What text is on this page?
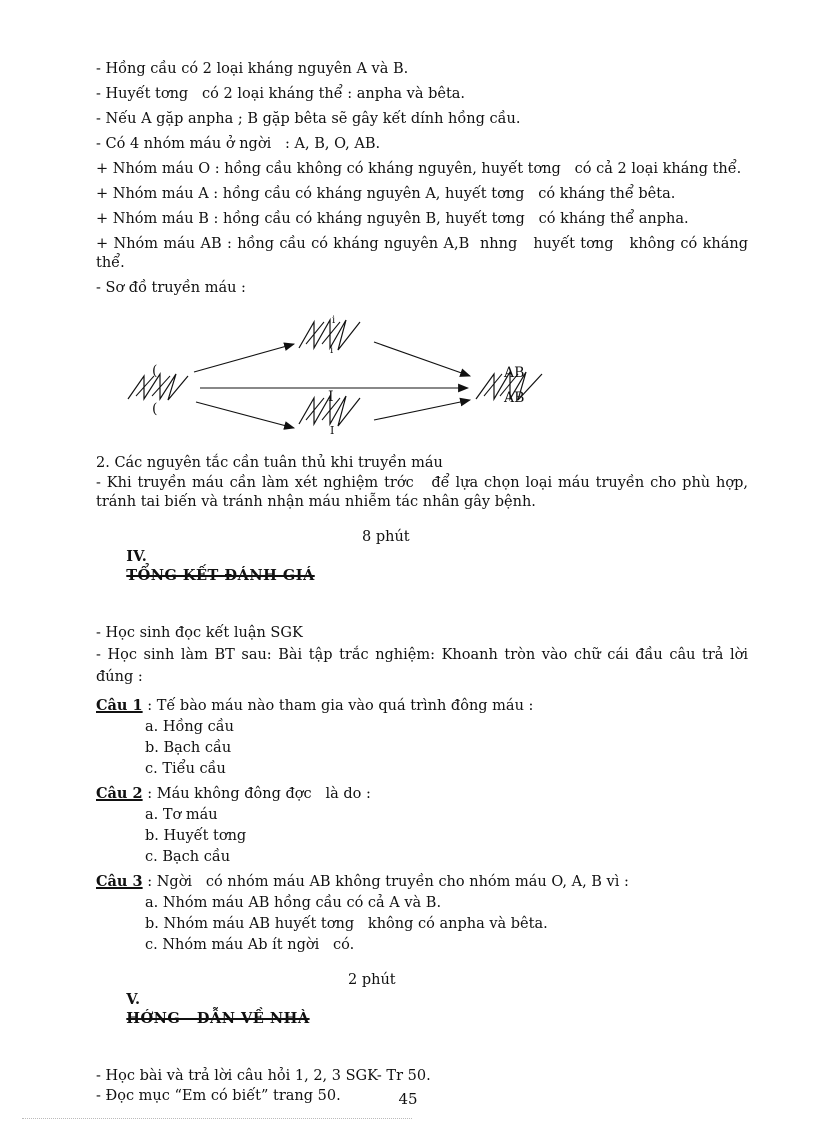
- Hồng cầu có 2 loại kháng nguyên A và B.

- Huyết tơng   có 2 loại kháng thể : anpha và bêta.

- Nếu A gặp anpha ; B gặp bêta sẽ gây kết dính hồng cầu.

- Có 4 nhóm máu ở ngời   : A, B, O, AB.

+ Nhóm máu O : hồng cầu không có kháng nguyên, huyết tơng   có cả 2 loại kháng thể.

+ Nhóm máu A : hồng cầu có kháng nguyên A, huyết tơng   có kháng thể bêta.

+ Nhóm máu B : hồng cầu có kháng nguyên B, huyết tơng   có kháng thể anpha.

+ Nhóm máu AB : hồng cầu có kháng nguyên A,B  nhng   huyết tơng   không có kháng thể.

- Sơ đồ truyền máu :

(
(
i
i
I
I
AB
AB

2. Các nguyên tắc cần tuân thủ khi truyền máu

- Khi truyền máu cần làm xét nghiệm trớc   để lựa chọn loại máu truyền cho phù hợp, tránh tai biến và tránh nhận máu nhiễm tác nhân gây bệnh.

IV.
TỔNG KẾT ĐÁNH GIÁ

8 phút

- Học sinh đọc kết luận SGK

- Học sinh làm BT sau: Bài tập trắc nghiệm: Khoanh tròn vào chữ cái đầu câu trả lời đúng :

Câu 1 : Tế bào máu nào tham gia vào quá trình đông máu :

a. Hồng cầu

b. Bạch cầu

c. Tiểu cầu

Câu 2 : Máu không đông đợc   là do :

a. Tơ máu

b. Huyết tơng

c. Bạch cầu

Câu 3 : Ngời   có nhóm máu AB không truyền cho nhóm máu O, A, B vì :

a. Nhóm máu AB hồng cầu có cả A và B.

b. Nhóm máu AB huyết tơng   không có anpha và bêta.

c. Nhóm máu Ab ít ngời   có.

V.
HỚNG   DẪN VỀ NHÀ

2 phút

- Học bài và trả lời câu hỏi 1, 2, 3 SGK- Tr 50.

- Đọc mục “Em có biết” trang 50.	45
